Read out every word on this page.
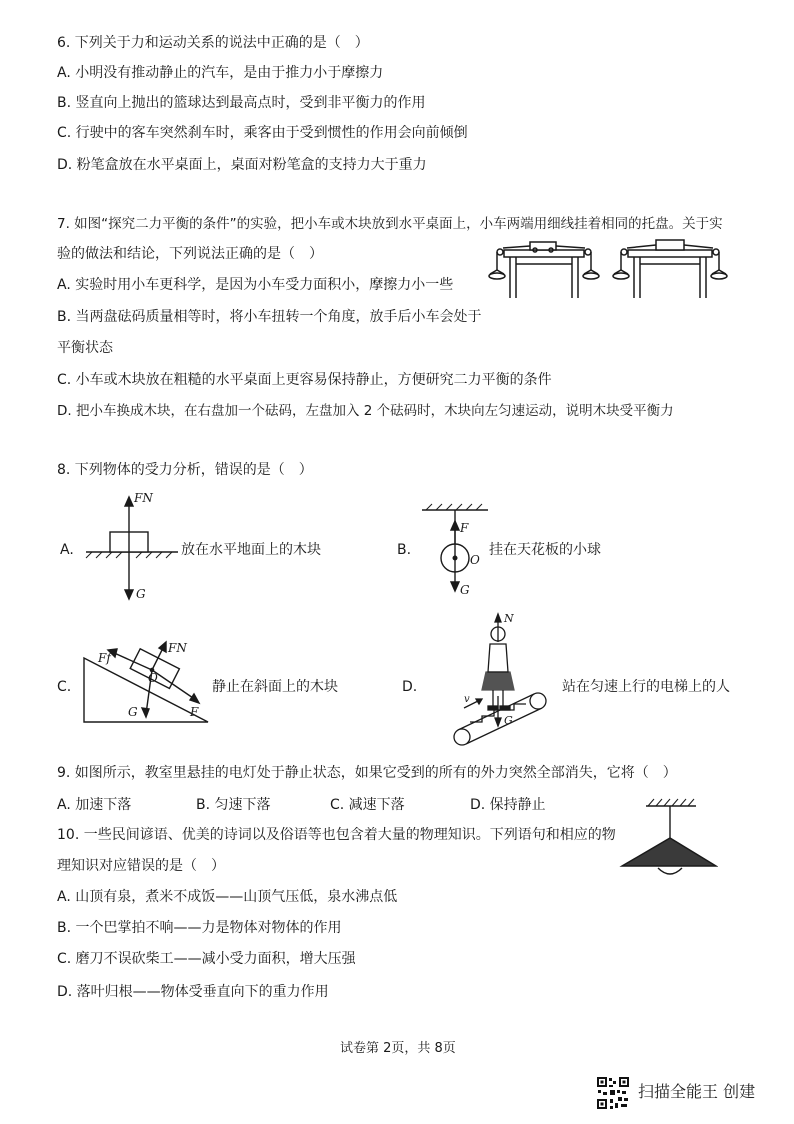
6. 下列关于力和运动关系的说法中正确的是（　）
A. 小明没有推动静止的汽车，是由于推力小于摩擦力
B. 竖直向上抛出的篮球达到最高点时，受到非平衡力的作用
C. 行驶中的客车突然刹车时，乘客由于受到惯性的作用会向前倾倒
D. 粉笔盒放在水平桌面上，桌面对粉笔盒的支持力大于重力
7. 如图“探究二力平衡的条件”的实验，把小车或木块放到水平桌面上，小车两端用细线挂着相同的托盘。关于实
验的做法和结论，下列说法正确的是（　）
A. 实验时用小车更科学，是因为小车受力面积小，摩擦力小一些
B. 当两盘砝码质量相等时，将小车扭转一个角度，放手后小车会处于
平衡状态
C. 小车或木块放在粗糙的水平桌面上更容易保持静止，方便研究二力平衡的条件
D. 把小车换成木块，在右盘加一个砝码，左盘加入 2 个砝码时，木块向左匀速运动，说明木块受平衡力
8. 下列物体的受力分析，错误的是（　）
A.
FN
G
放在水平地面上的木块	B.
F
O
G
挂在天花板的小球
C.
Ff
FN
O
G	F
静止在斜面上的木块	D.
N
v
G
站在匀速上行的电梯上的人
9. 如图所示，教室里悬挂的电灯处于静止状态，如果它受到的所有的外力突然全部消失，它将（　）
A. 加速下落	B. 匀速下落	C. 减速下落	D. 保持静止
10. 一些民间谚语、优美的诗词以及俗语等也包含着大量的物理知识。下列语句和相应的物
理知识对应错误的是（　）
A. 山顶有泉，煮米不成饭——山顶气压低，泉水沸点低
B. 一个巴掌拍不响——力是物体对物体的作用
C. 磨刀不误砍柴工——减小受力面积，增大压强
D. 落叶归根——物体受垂直向下的重力作用
试卷第 2页，共 8页
扫描全能王 创建
